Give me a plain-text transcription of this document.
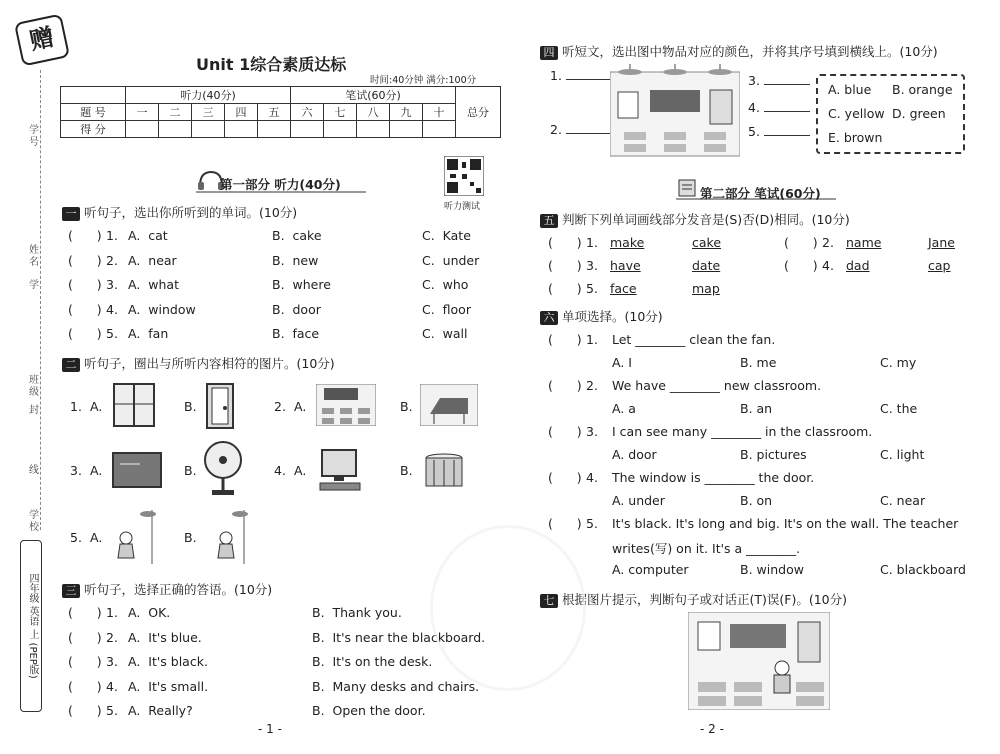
赠
学号
姓名
学
班级
封
线
学校
四年级 英语 上 (PEP版)
Unit 1综合素质达标
时间:40分钟 满分:100分
	听力(40分)					笔试(60分)					总分
题 号	一	二	三	四	五	六	七	八	九	十	
得 分											
听力测试
第一部分 听力(40分)
一 听句子，选出你所听到的单词。(10分)
(      ) 1. A.  cat	B.  cake	C.  Kate
(      ) 2. A.  near	B.  new	C.  under
(      ) 3. A.  what	B.  where	C.  who
(      ) 4. A.  window	B.  door	C.  floor
(      ) 5. A.  fan	B.  face	C.  wall
二 听句子，圈出与所听内容相符的图片。(10分)
1. A.	B.	2. A.	B.
3. A.	B.	4. A.	B.
5. A.	B.
三 听句子，选择正确的答语。(10分)
(      ) 1. A.  OK.	B.  Thank you.
(      ) 2. A.  It's blue.	B.  It's near the blackboard.
(      ) 3. A.  It's black.	B.  It's on the desk.
(      ) 4. A.  It's small.	B.  Many desks and chairs.
(      ) 5. A.  Really?	B.  Open the door.
- 1 -
四 听短文，选出图中物品对应的颜色，并将其序号填到横线上。(10分)
1.
2.
3.
4.
5.
A. blue B. orange
C. yellow D. green
E. brown
第二部分 笔试(60分)
五 判断下列单词画线部分发音是(S)否(D)相同。(10分)
(      ) 1. make	cake	(      ) 2. name	Jane
(      ) 3. have	date	(      ) 4. dad	cap
(      ) 5. face	map
六 单项选择。(10分)
(      ) 1. Let ________ clean the fan.
A. I	B. me	C. my
(      ) 2. We have ________ new classroom.
A. a	B. an	C. the
(      ) 3. I can see many ________ in the classroom.
A. door	B. pictures	C. light
(      ) 4. The window is ________ the door.
A. under	B. on	C. near
(      ) 5. It's black. It's long and big. It's on the wall. The teacher
writes(写) on it. It's a ________.
A. computer	B. window	C. blackboard
七 根据图片提示，判断句子或对话正(T)误(F)。(10分)
- 2 -
